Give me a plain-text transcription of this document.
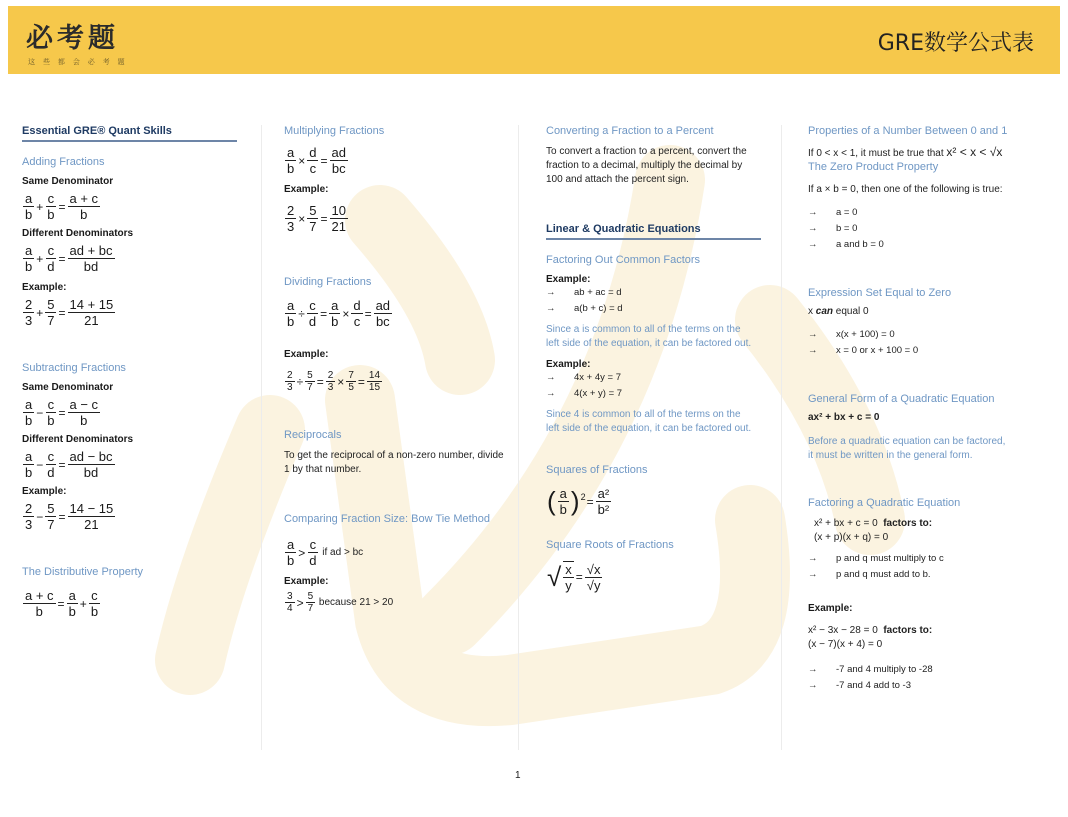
必考题
这 些 都 会 必 考 题
GRE数学公式表
Essential GRE® Quant Skills
Adding Fractions
Same Denominator
$\frac{a}{b} + \frac{c}{b} = \frac{a + c}{b}$
Different Denominators
$\frac{a}{b} + \frac{c}{d} = \frac{ad + bc}{bd}$
Example:
$\frac{2}{3} + \frac{5}{7} = \frac{14 + 15}{21}$
Subtracting Fractions
Same Denominator
$\frac{a}{b} - \frac{c}{b} = \frac{a - c}{b}$
Different Denominators
$\frac{a}{b} - \frac{c}{d} = \frac{ad - bc}{bd}$
Example:
$\frac{2}{3} - \frac{5}{7} = \frac{14 - 15}{21}$
The Distributive Property
$\frac{a + c}{b} = \frac{a}{b} + \frac{c}{b}$
Multiplying Fractions
$\frac{a}{b} \times \frac{d}{c} = \frac{ad}{bc}$
Example:
$\frac{2}{3} \times \frac{5}{7} = \frac{10}{21}$
Dividing Fractions
$\frac{a}{b} \div \frac{c}{d} = \frac{a}{b} \times \frac{d}{c} = \frac{ad}{bc}$
Example:
$\frac{2}{3} \div \frac{5}{7} = \frac{2}{3} \times \frac{7}{5} = \frac{14}{15}$
Reciprocals
To get the reciprocal of a non-zero number, divide 1 by that number.
Comparing Fraction Size: Bow Tie Method
$\frac{a}{b} > \frac{c}{d}$ if ad > bc
Example:
$\frac{3}{4} > \frac{5}{7}$ because 21 > 20
Converting a Fraction to a Percent
To convert a fraction to a percent, convert the fraction to a decimal, multiply the decimal by 100 and attach the percent sign.
Linear & Quadratic Equations
Factoring Out Common Factors
Example:
→ ab + ac = d
→ a(b + c) = d
Since a is common to all of the terms on the left side of the equation, it can be factored out.
Example:
→ 4x + 4y = 7
→ 4(x + y) = 7
Since 4 is common to all of the terms on the left side of the equation, it can be factored out.
Squares of Fractions
( $\frac{a}{b} )^2= \frac{\text{a²}}{\text{b²}}$
Square Roots of Fractions
√ $\frac{x}{y} = \frac{√x}{√y}$
Properties of a Number Between 0 and 1
If 0 < x < 1, it must be true that x² < x < √x
The Zero Product Property
If a × b = 0, then one of the following is true:
→ a = 0
→ b = 0
→ a and b = 0
Expression Set Equal to Zero
x can equal 0
→ x(x + 100) = 0
→ x = 0 or x + 100 = 0
General Form of a Quadratic Equation
ax² + bx + c = 0
Before a quadratic equation can be factored, it must be written in the general form.
Factoring a Quadratic Equation
x² + bx + c = 0 factors to:
(x + p)(x + q) = 0
→ p and q must multiply to c
→ p and q must add to b.
Example:
x² − 3x − 28 = 0 factors to:
(x − 7)(x + 4) = 0
→ -7 and 4 multiply to -28
→ -7 and 4 add to -3
1
